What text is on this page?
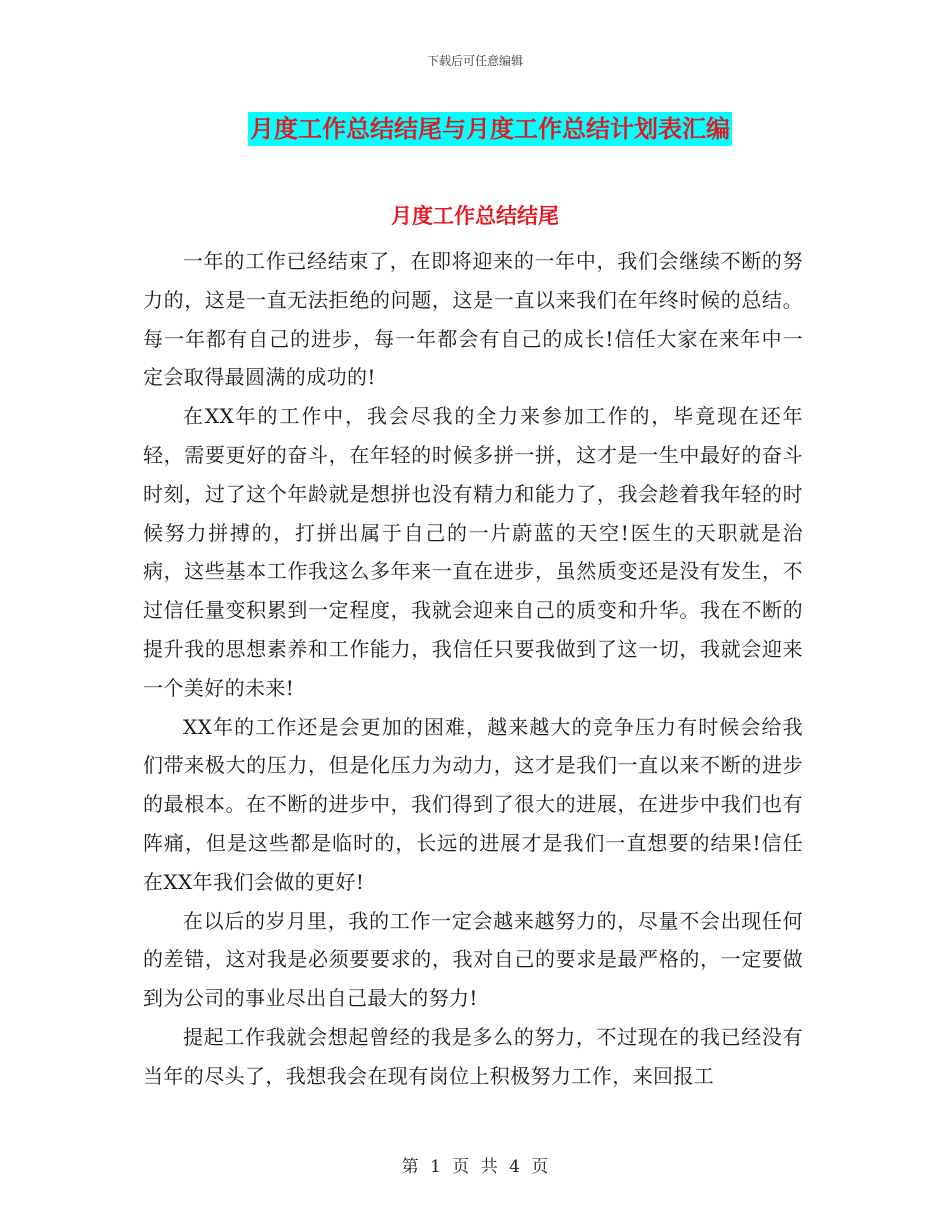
下载后可任意编辑
月度工作总结结尾与月度工作总结计划表汇编
月度工作总结结尾

一年的工作已经结束了，在即将迎来的一年中，我们会继续不断的努力的，这是一直无法拒绝的问题，这是一直以来我们在年终时候的总结。每一年都有自己的进步，每一年都会有自己的成长!信任大家在来年中一定会取得最圆满的成功的!

在XX年的工作中，我会尽我的全力来参加工作的，毕竟现在还年轻，需要更好的奋斗，在年轻的时候多拼一拼，这才是一生中最好的奋斗时刻，过了这个年龄就是想拼也没有精力和能力了，我会趁着我年轻的时候努力拼搏的，打拼出属于自己的一片蔚蓝的天空!医生的天职就是治病，这些基本工作我这么多年来一直在进步，虽然质变还是没有发生，不过信任量变积累到一定程度，我就会迎来自己的质变和升华。我在不断的提升我的思想素养和工作能力，我信任只要我做到了这一切，我就会迎来一个美好的未来!

XX年的工作还是会更加的困难，越来越大的竞争压力有时候会给我们带来极大的压力，但是化压力为动力，这才是我们一直以来不断的进步的最根本。在不断的进步中，我们得到了很大的进展，在进步中我们也有阵痛，但是这些都是临时的，长远的进展才是我们一直想要的结果!信任在XX年我们会做的更好!

在以后的岁月里，我的工作一定会越来越努力的，尽量不会出现任何的差错，这对我是必须要要求的，我对自己的要求是最严格的，一定要做到为公司的事业尽出自己最大的努力!

提起工作我就会想起曾经的我是多么的努力，不过现在的我已经没有当年的尽头了，我想我会在现有岗位上积极努力工作，来回报工

第 1 页 共 4 页
